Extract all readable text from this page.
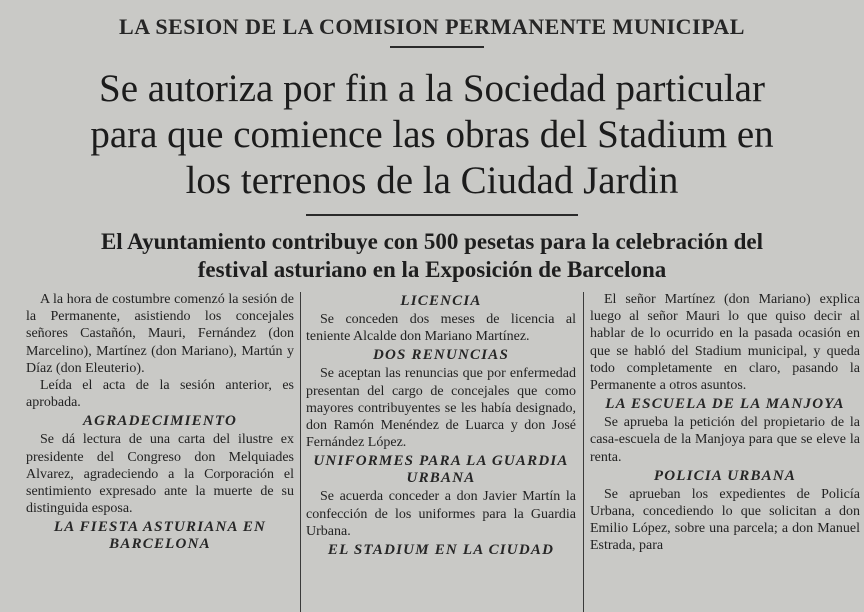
LA SESION DE LA COMISION PERMANENTE MUNICIPAL
Se autoriza por fin a la Sociedad particular
para que comience las obras del Stadium en
los terrenos de la Ciudad Jardin
El Ayuntamiento contribuye con 500 pesetas para la celebración del
festival asturiano en la Exposición de Barcelona

A la hora de costumbre comenzó la sesión de la Permanente, asistiendo los concejales señores Castañón, Mauri, Fernández (don Marcelino), Martínez (don Mariano), Martún y Díaz (don Eleuterio).

Leída el acta de la sesión anterior, es aprobada.

AGRADECIMIENTO

Se dá lectura de una carta del ilustre ex presidente del Congreso don Melquiades Alvarez, agradeciendo a la Corporación el sentimiento expresado ante la muerte de su distinguida esposa.

LA FIESTA ASTURIANA EN BARCELONA
LICENCIA

Se conceden dos meses de licencia al teniente Alcalde don Mariano Martínez.

DOS RENUNCIAS

Se aceptan las renuncias que por enfermedad presentan del cargo de concejales que como mayores contribuyentes se les había designado, don Ramón Menéndez de Luarca y don José Fernández López.

UNIFORMES PARA LA GUARDIA URBANA

Se acuerda conceder a don Javier Martín la confección de los uniformes para la Guardia Urbana.

EL STADIUM EN LA CIUDAD

El señor Martínez (don Mariano) explica luego al señor Mauri lo que quiso decir al hablar de lo ocurrido en la pasada ocasión en que se habló del Stadium municipal, y queda todo completamente en claro, pasando la Permanente a otros asuntos.

LA ESCUELA DE LA MANJOYA

Se aprueba la petición del propietario de la casa-escuela de la Manjoya para que se eleve la renta.

POLICIA URBANA

Se aprueban los expedientes de Policía Urbana, concediendo lo que solicitan a don Emilio López, sobre una parcela; a don Manuel Estrada, para
